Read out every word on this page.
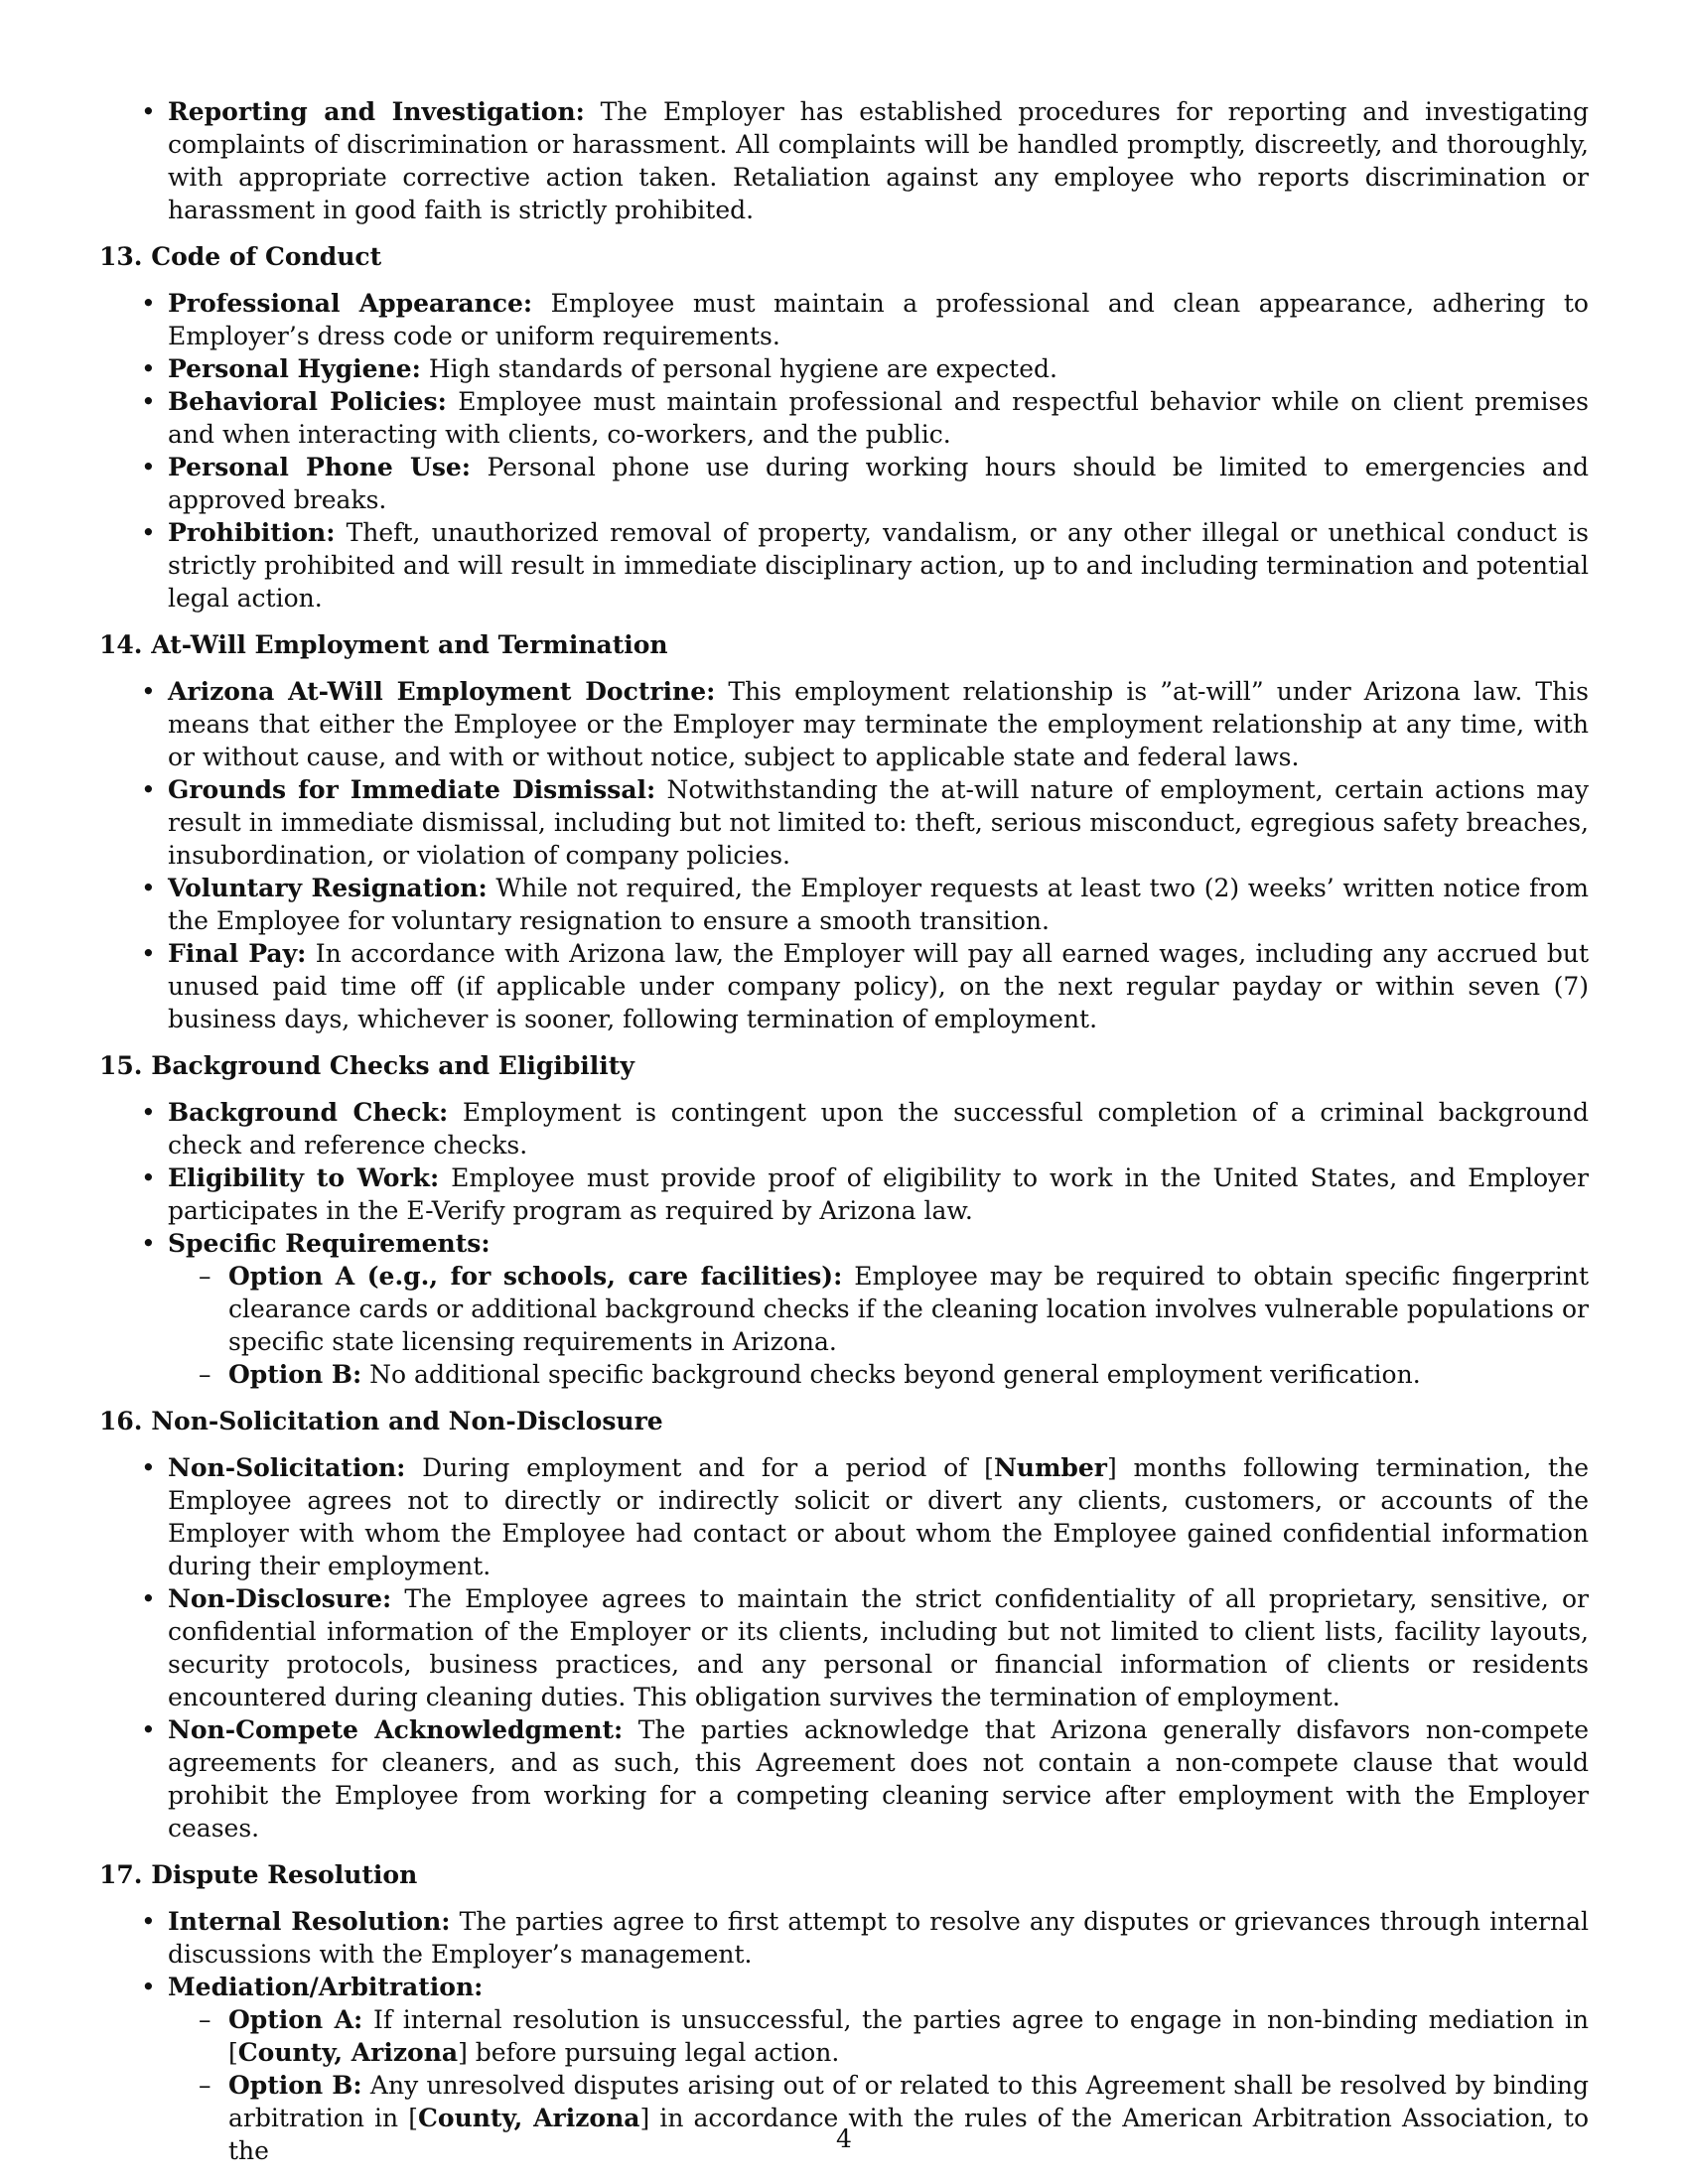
• Reporting and Investigation: The Employer has established procedures for reporting and investigating complaints of discrimination or harassment. All complaints will be handled promptly, discreetly, and thoroughly, with appropriate corrective action taken. Retaliation against any employee who reports discrimination or harassment in good faith is strictly prohibited.
13. Code of Conduct
• Professional Appearance: Employee must maintain a professional and clean appearance, adhering to Employer’s dress code or uniform requirements.
• Personal Hygiene: High standards of personal hygiene are expected.
• Behavioral Policies: Employee must maintain professional and respectful behavior while on client premises and when interacting with clients, co-workers, and the public.
• Personal Phone Use: Personal phone use during working hours should be limited to emergencies and approved breaks.
• Prohibition: Theft, unauthorized removal of property, vandalism, or any other illegal or unethical conduct is strictly prohibited and will result in immediate disciplinary action, up to and including termination and potential legal action.
14. At-Will Employment and Termination
• Arizona At-Will Employment Doctrine: This employment relationship is ”at-will” under Arizona law. This means that either the Employee or the Employer may terminate the employment relationship at any time, with or without cause, and with or without notice, subject to applicable state and federal laws.
• Grounds for Immediate Dismissal: Notwithstanding the at-will nature of employment, certain actions may result in immediate dismissal, including but not limited to: theft, serious misconduct, egregious safety breaches, insubordination, or violation of company policies.
• Voluntary Resignation: While not required, the Employer requests at least two (2) weeks’ written notice from the Employee for voluntary resignation to ensure a smooth transition.
• Final Pay: In accordance with Arizona law, the Employer will pay all earned wages, including any accrued but unused paid time off (if applicable under company policy), on the next regular payday or within seven (7) business days, whichever is sooner, following termination of employment.
15. Background Checks and Eligibility
• Background Check: Employment is contingent upon the successful completion of a criminal background check and reference checks.
• Eligibility to Work: Employee must provide proof of eligibility to work in the United States, and Employer participates in the E-Verify program as required by Arizona law.
• Specific Requirements:
– Option A (e.g., for schools, care facilities): Employee may be required to obtain specific fingerprint clearance cards or additional background checks if the cleaning location involves vulnerable populations or specific state licensing requirements in Arizona.
– Option B: No additional specific background checks beyond general employment verification.
16. Non-Solicitation and Non-Disclosure
• Non-Solicitation: During employment and for a period of [Number] months following termination, the Employee agrees not to directly or indirectly solicit or divert any clients, customers, or accounts of the Employer with whom the Employee had contact or about whom the Employee gained confidential information during their employment.
• Non-Disclosure: The Employee agrees to maintain the strict confidentiality of all proprietary, sensitive, or confidential information of the Employer or its clients, including but not limited to client lists, facility layouts, security protocols, business practices, and any personal or financial information of clients or residents encountered during cleaning duties. This obligation survives the termination of employment.
• Non-Compete Acknowledgment: The parties acknowledge that Arizona generally disfavors non-compete agreements for cleaners, and as such, this Agreement does not contain a non-compete clause that would prohibit the Employee from working for a competing cleaning service after employment with the Employer ceases.
17. Dispute Resolution
• Internal Resolution: The parties agree to first attempt to resolve any disputes or grievances through internal discussions with the Employer’s management.
• Mediation/Arbitration:
– Option A: If internal resolution is unsuccessful, the parties agree to engage in non-binding mediation in [County, Arizona] before pursuing legal action.
– Option B: Any unresolved disputes arising out of or related to this Agreement shall be resolved by binding arbitration in [County, Arizona] in accordance with the rules of the American Arbitration Association, to the	4
